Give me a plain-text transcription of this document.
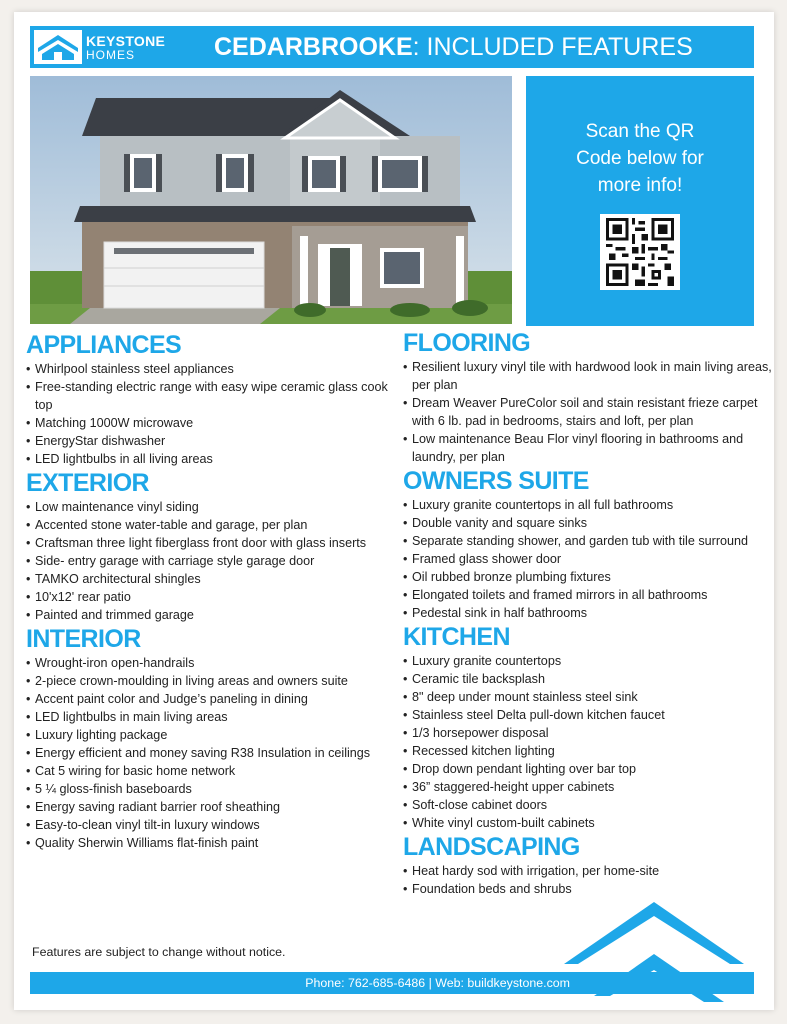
KEYSTONE
HOMES	CEDARBROOKE: INCLUDED FEATURES
Scan the QR
Code below for
more info!
APPLIANCES
• Whirlpool stainless steel appliances
• Free-standing electric range with easy wipe ceramic glass cook top
• Matching 1000W microwave
• EnergyStar dishwasher
• LED lightbulbs in all living areas
EXTERIOR
• Low maintenance vinyl siding
• Accented stone water-table and garage, per plan
• Craftsman three light fiberglass front door with glass inserts
• Side- entry garage with carriage style garage door
• TAMKO architectural shingles
• 10'x12' rear patio
• Painted and trimmed garage
INTERIOR
• Wrought-iron open-handrails
• 2-piece crown-moulding in living areas and owners suite
• Accent paint color and Judge’s paneling in dining
• LED lightbulbs in main living areas
• Luxury lighting package
• Energy efficient and money saving R38 Insulation in ceilings
• Cat 5 wiring for basic home network
• 5 ¼ gloss-finish baseboards
• Energy saving radiant barrier roof sheathing
• Easy-to-clean vinyl tilt-in luxury windows
• Quality Sherwin Williams flat-finish paint
FLOORING
• Resilient luxury vinyl tile with hardwood look in main living areas, per plan
• Dream Weaver PureColor soil and stain resistant frieze carpet with 6 lb. pad in bedrooms, stairs and loft, per plan
• Low maintenance Beau Flor vinyl flooring in bathrooms and laundry, per plan
OWNERS SUITE
• Luxury granite countertops in all full bathrooms
• Double vanity and square sinks
• Separate standing shower, and garden tub with tile surround
• Framed glass shower door
• Oil rubbed bronze plumbing fixtures
• Elongated toilets and framed mirrors in all bathrooms
• Pedestal sink in half bathrooms
KITCHEN
• Luxury granite countertops
• Ceramic tile backsplash
• 8" deep under mount stainless steel sink
• Stainless steel Delta pull-down kitchen faucet
• 1/3 horsepower disposal
• Recessed kitchen lighting
• Drop down pendant lighting over bar top
• 36” staggered-height upper cabinets
• Soft-close cabinet doors
• White vinyl custom-built cabinets
LANDSCAPING
• Heat hardy sod with irrigation, per home-site
• Foundation beds and shrubs
Features are subject to change without notice.
Phone: 762-685-6486 | Web: buildkeystone.com
